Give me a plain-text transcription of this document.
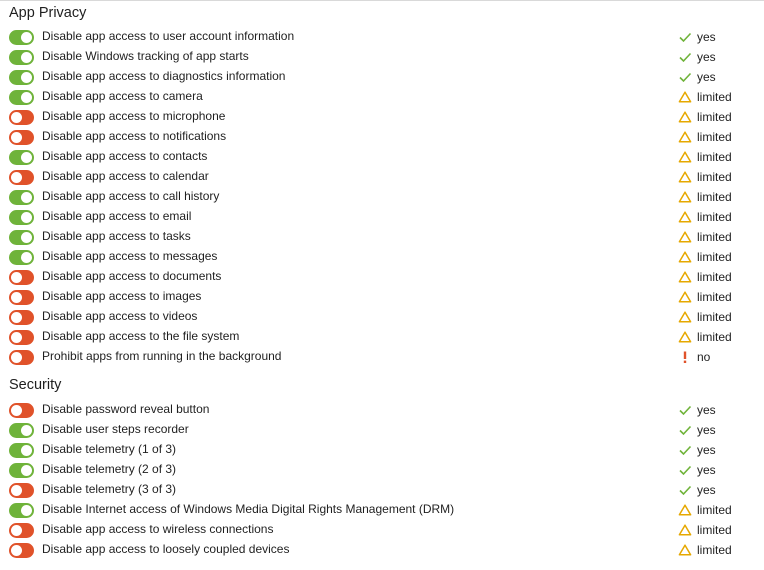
App Privacy
Disable app access to user account information	yes
Disable Windows tracking of app starts	yes
Disable app access to diagnostics information	yes
Disable app access to camera	limited
Disable app access to microphone	limited
Disable app access to notifications	limited
Disable app access to contacts	limited
Disable app access to calendar	limited
Disable app access to call history	limited
Disable app access to email	limited
Disable app access to tasks	limited
Disable app access to messages	limited
Disable app access to documents	limited
Disable app access to images	limited
Disable app access to videos	limited
Disable app access to the file system	limited
Prohibit apps from running in the background	no
Security
Disable password reveal button	yes
Disable user steps recorder	yes
Disable telemetry (1 of 3)	yes
Disable telemetry (2 of 3)	yes
Disable telemetry (3 of 3)	yes
Disable Internet access of Windows Media Digital Rights Management (DRM)	limited
Disable app access to wireless connections	limited
Disable app access to loosely coupled devices	limited
